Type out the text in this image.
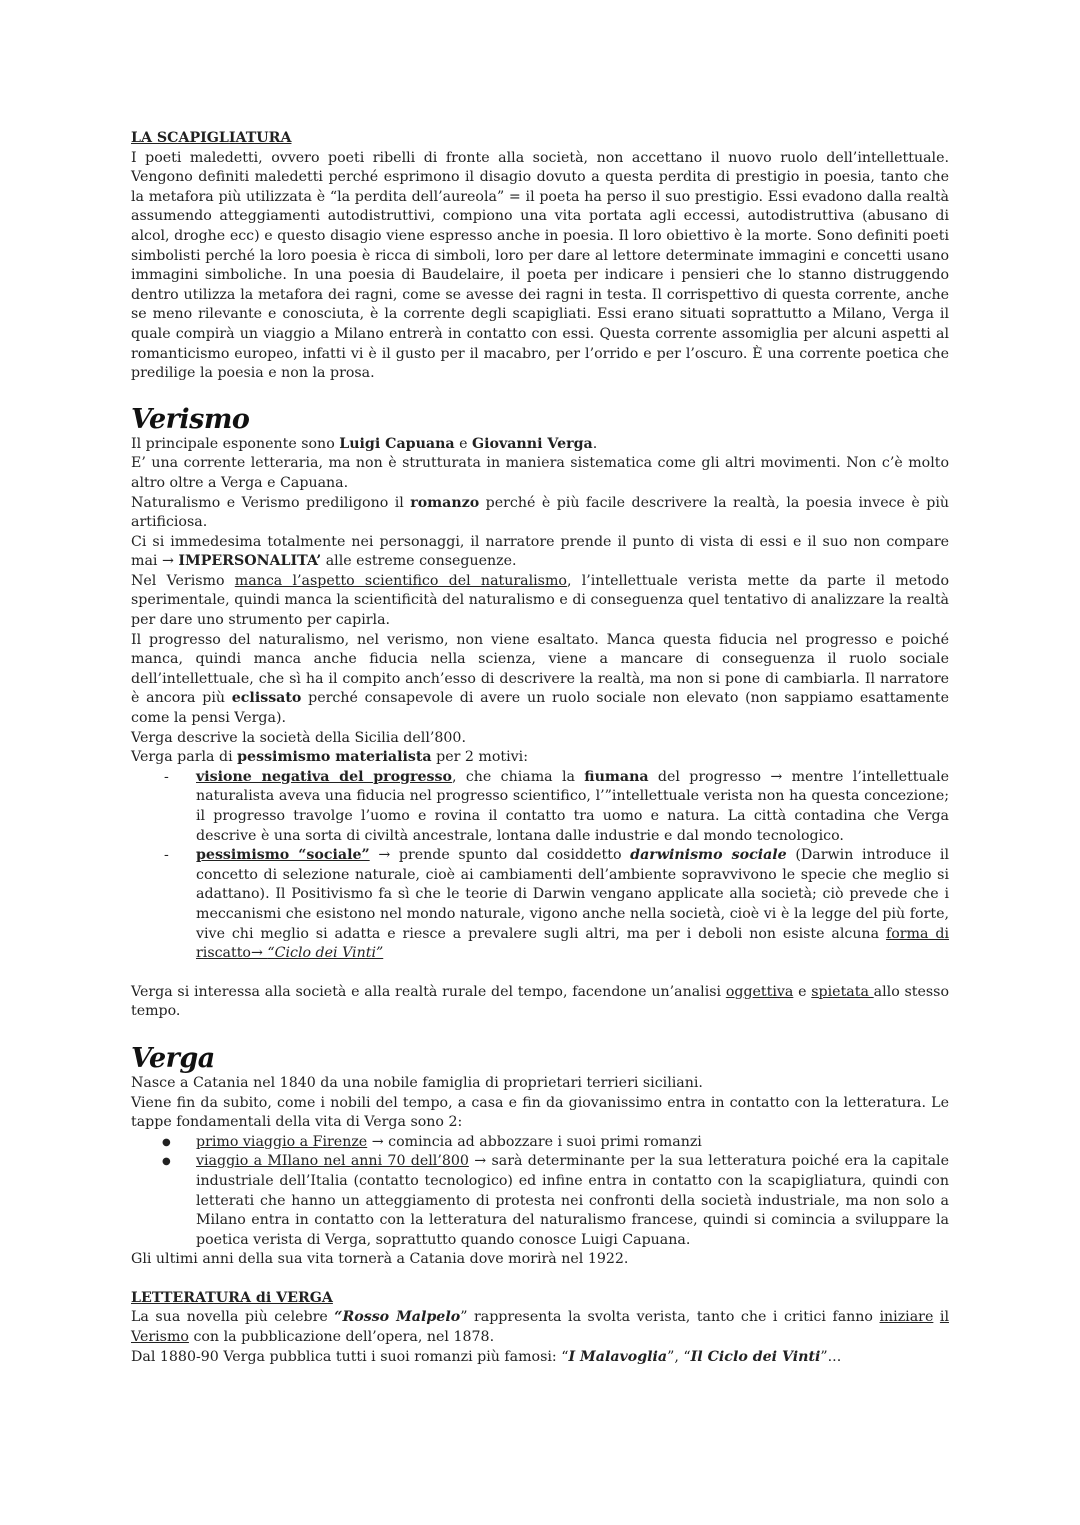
LA SCAPIGLIATURA

I poeti maledetti, ovvero poeti ribelli di fronte alla società, non accettano il nuovo ruolo dell’intellettuale. Vengono definiti maledetti perché esprimono il disagio dovuto a questa perdita di prestigio in poesia, tanto che la metafora più utilizzata è “la perdita dell’aureola” = il poeta ha perso il suo prestigio. Essi evadono dalla realtà assumendo atteggiamenti autodistruttivi, compiono una vita portata agli eccessi, autodistruttiva (abusano di alcol, droghe ecc) e questo disagio viene espresso anche in poesia. Il loro obiettivo è la morte. Sono definiti poeti simbolisti perché la loro poesia è ricca di simboli, loro per dare al lettore determinate immagini e concetti usano immagini simboliche. In una poesia di Baudelaire, il poeta per indicare i pensieri che lo stanno distruggendo dentro utilizza la metafora dei ragni, come se avesse dei ragni in testa. Il corrispettivo di questa corrente, anche se meno rilevante e conosciuta, è la corrente degli scapigliati. Essi erano situati soprattutto a Milano, Verga il quale compirà un viaggio a Milano entrerà in contatto con essi. Questa corrente assomiglia per alcuni aspetti al romanticismo europeo, infatti vi è il gusto per il macabro, per l’orrido e per l’oscuro. È una corrente poetica che predilige la poesia e non la prosa.

Verismo

Il principale esponente sono Luigi Capuana e Giovanni Verga.

E’ una corrente letteraria, ma non è strutturata in maniera sistematica come gli altri movimenti. Non c’è molto altro oltre a Verga e Capuana.

Naturalismo e Verismo prediligono il romanzo perché è più facile descrivere la realtà, la poesia invece è più artificiosa.

Ci si immedesima totalmente nei personaggi, il narratore prende il punto di vista di essi e il suo non compare mai → IMPERSONALITA’ alle estreme conseguenze.

Nel Verismo manca l’aspetto scientifico del naturalismo, l’intellettuale verista mette da parte il metodo sperimentale, quindi manca la scientificità del naturalismo e di conseguenza quel tentativo di analizzare la realtà per dare uno strumento per capirla.

Il progresso del naturalismo, nel verismo, non viene esaltato. Manca questa fiducia nel progresso e poiché manca, quindi manca anche fiducia nella scienza, viene a mancare di conseguenza il ruolo sociale dell’intellettuale, che sì ha il compito anch’esso di descrivere la realtà, ma non si pone di cambiarla. Il narratore è ancora più eclissato perché consapevole di avere un ruolo sociale non elevato (non sappiamo esattamente come la pensi Verga).

Verga descrive la società della Sicilia dell’800.

Verga parla di pessimismo materialista per 2 motivi:

- visione negativa del progresso, che chiama la fiumana del progresso → mentre l’intellettuale naturalista aveva una fiducia nel progresso scientifico, l’”intellettuale verista non ha questa concezione; il progresso travolge l’uomo e rovina il contatto tra uomo e natura. La città contadina che Verga descrive è una sorta di civiltà ancestrale, lontana dalle industrie e dal mondo tecnologico.
- pessimismo “sociale” → prende spunto dal cosiddetto darwinismo sociale (Darwin introduce il concetto di selezione naturale, cioè ai cambiamenti dell’ambiente sopravvivono le specie che meglio si adattano). Il Positivismo fa sì che le teorie di Darwin vengano applicate alla società; ciò prevede che i meccanismi che esistono nel mondo naturale, vigono anche nella società, cioè vi è la legge del più forte, vive chi meglio si adatta e riesce a prevalere sugli altri, ma per i deboli non esiste alcuna forma di riscatto→ “Ciclo dei Vinti”

Verga si interessa alla società e alla realtà rurale del tempo, facendone un’analisi oggettiva e spietata allo stesso tempo.

Verga

Nasce a Catania nel 1840 da una nobile famiglia di proprietari terrieri siciliani.

Viene fin da subito, come i nobili del tempo, a casa e fin da giovanissimo entra in contatto con la letteratura. Le tappe fondamentali della vita di Verga sono 2:

● primo viaggio a Firenze → comincia ad abbozzare i suoi primi romanzi
● viaggio a MIlano nel anni 70 dell’800 → sarà determinante per la sua letteratura poiché era la capitale industriale dell’Italia (contatto tecnologico) ed infine entra in contatto con la scapigliatura, quindi con letterati che hanno un atteggiamento di protesta nei confronti della società industriale, ma non solo a Milano entra in contatto con la letteratura del naturalismo francese, quindi si comincia a sviluppare la poetica verista di Verga, soprattutto quando conosce Luigi Capuana.

Gli ultimi anni della sua vita tornerà a Catania dove morirà nel 1922.

LETTERATURA di VERGA

La sua novella più celebre “Rosso Malpelo” rappresenta la svolta verista, tanto che i critici fanno iniziare il Verismo con la pubblicazione dell’opera, nel 1878.

Dal 1880-90 Verga pubblica tutti i suoi romanzi più famosi: “I Malavoglia”, “Il Ciclo dei Vinti”...
